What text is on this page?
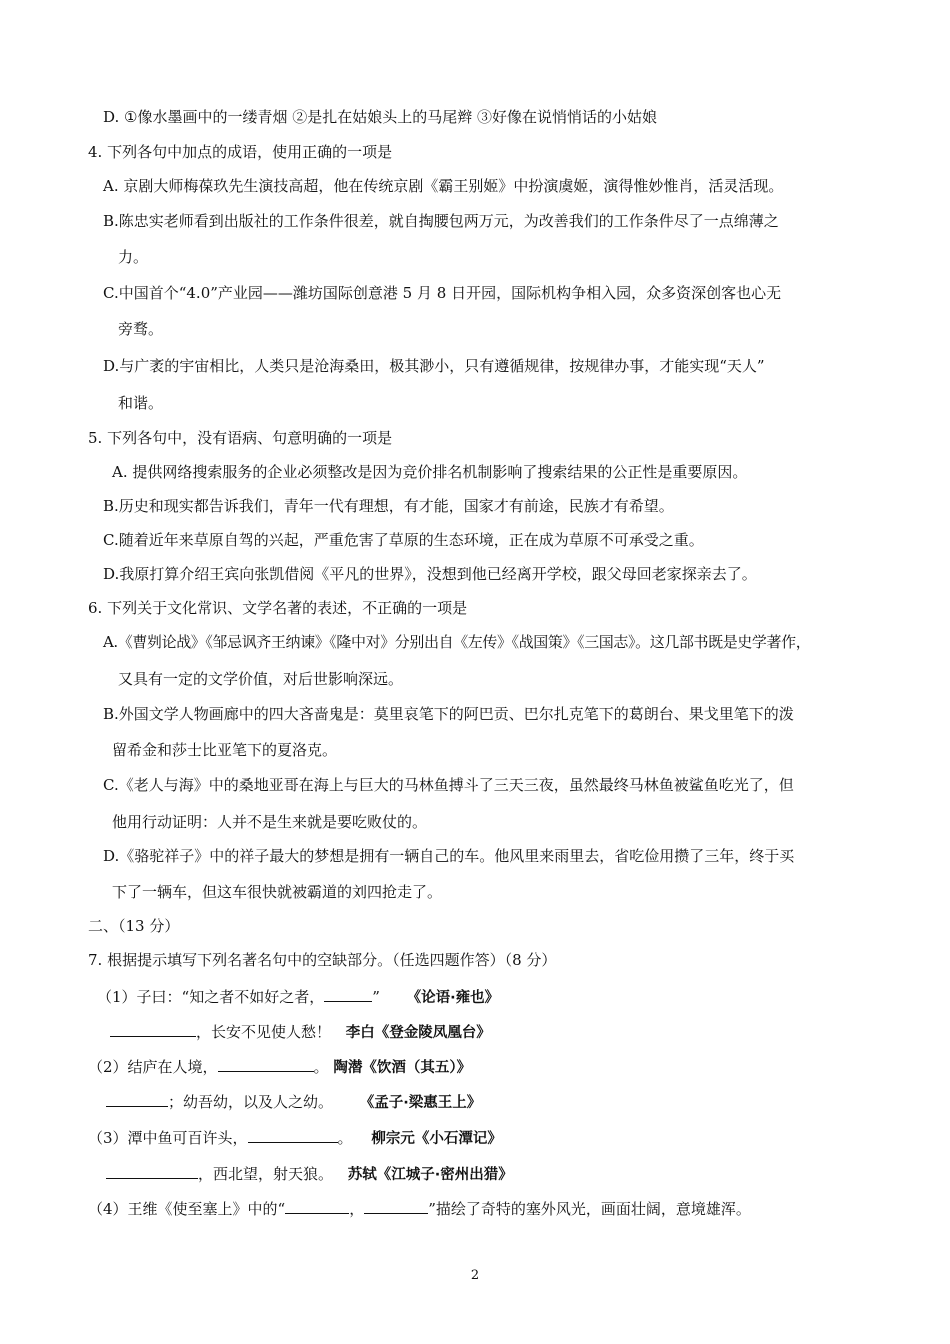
D. ①像水墨画中的一缕青烟 ②是扎在姑娘头上的马尾辫 ③好像在说悄悄话的小姑娘
4. 下列各句中加点的成语，使用正确的一项是
A. 京剧大师梅葆玖先生演技高超，他在传统京剧《霸王别姬》中扮演虞姬，演得惟妙惟肖，活灵活现。
B.陈忠实老师看到出版社的工作条件很差，就自掏腰包两万元，为改善我们的工作条件尽了一点绵薄之
力。
C.中国首个“4.0”产业园——潍坊国际创意港 5 月 8 日开园，国际机构争相入园，众多资深创客也心无
旁骛。
D.与广袤的宇宙相比，人类只是沧海桑田，极其渺小，只有遵循规律，按规律办事，才能实现“天人”
和谐。
5. 下列各句中，没有语病、句意明确的一项是
A. 提供网络搜索服务的企业必须整改是因为竞价排名机制影响了搜索结果的公正性是重要原因。
B.历史和现实都告诉我们，青年一代有理想，有才能，国家才有前途，民族才有希望。
C.随着近年来草原自驾的兴起，严重危害了草原的生态环境，正在成为草原不可承受之重。
D.我原打算介绍王宾向张凯借阅《平凡的世界》，没想到他已经离开学校，跟父母回老家探亲去了。
6. 下列关于文化常识、文学名著的表述，不正确的一项是
A.《曹刿论战》《邹忌讽齐王纳谏》《隆中对》分别出自《左传》《战国策》《三国志》。这几部书既是史学著作，
又具有一定的文学价值，对后世影响深远。
B.外国文学人物画廊中的四大吝啬鬼是：莫里哀笔下的阿巴贡、巴尔扎克笔下的葛朗台、果戈里笔下的泼
留希金和莎士比亚笔下的夏洛克。
C.《老人与海》中的桑地亚哥在海上与巨大的马林鱼搏斗了三天三夜，虽然最终马林鱼被鲨鱼吃光了，但
他用行动证明：人并不是生来就是要吃败仗的。
D.《骆驼祥子》中的祥子最大的梦想是拥有一辆自己的车。他风里来雨里去，省吃俭用攒了三年，终于买
下了一辆车，但这车很快就被霸道的刘四抢走了。
二、（13 分）
7. 根据提示填写下列名著名句中的空缺部分。（任选四题作答）（8 分）
（1）子曰：“知之者不如好之者，	” 《论语·雍也》
，长安不见使人愁！ 李白《登金陵凤凰台》
（2）结庐在人境，	。 陶潜《饮酒（其五）》
；幼吾幼，以及人之幼。 《孟子·梁惠王上》
（3）潭中鱼可百许头，	。 柳宗元《小石潭记》
，西北望，射天狼。 苏轼《江城子·密州出猎》
（4）王维《使至塞上》中的“	，	”描绘了奇特的塞外风光，画面壮阔，意境雄浑。
2
